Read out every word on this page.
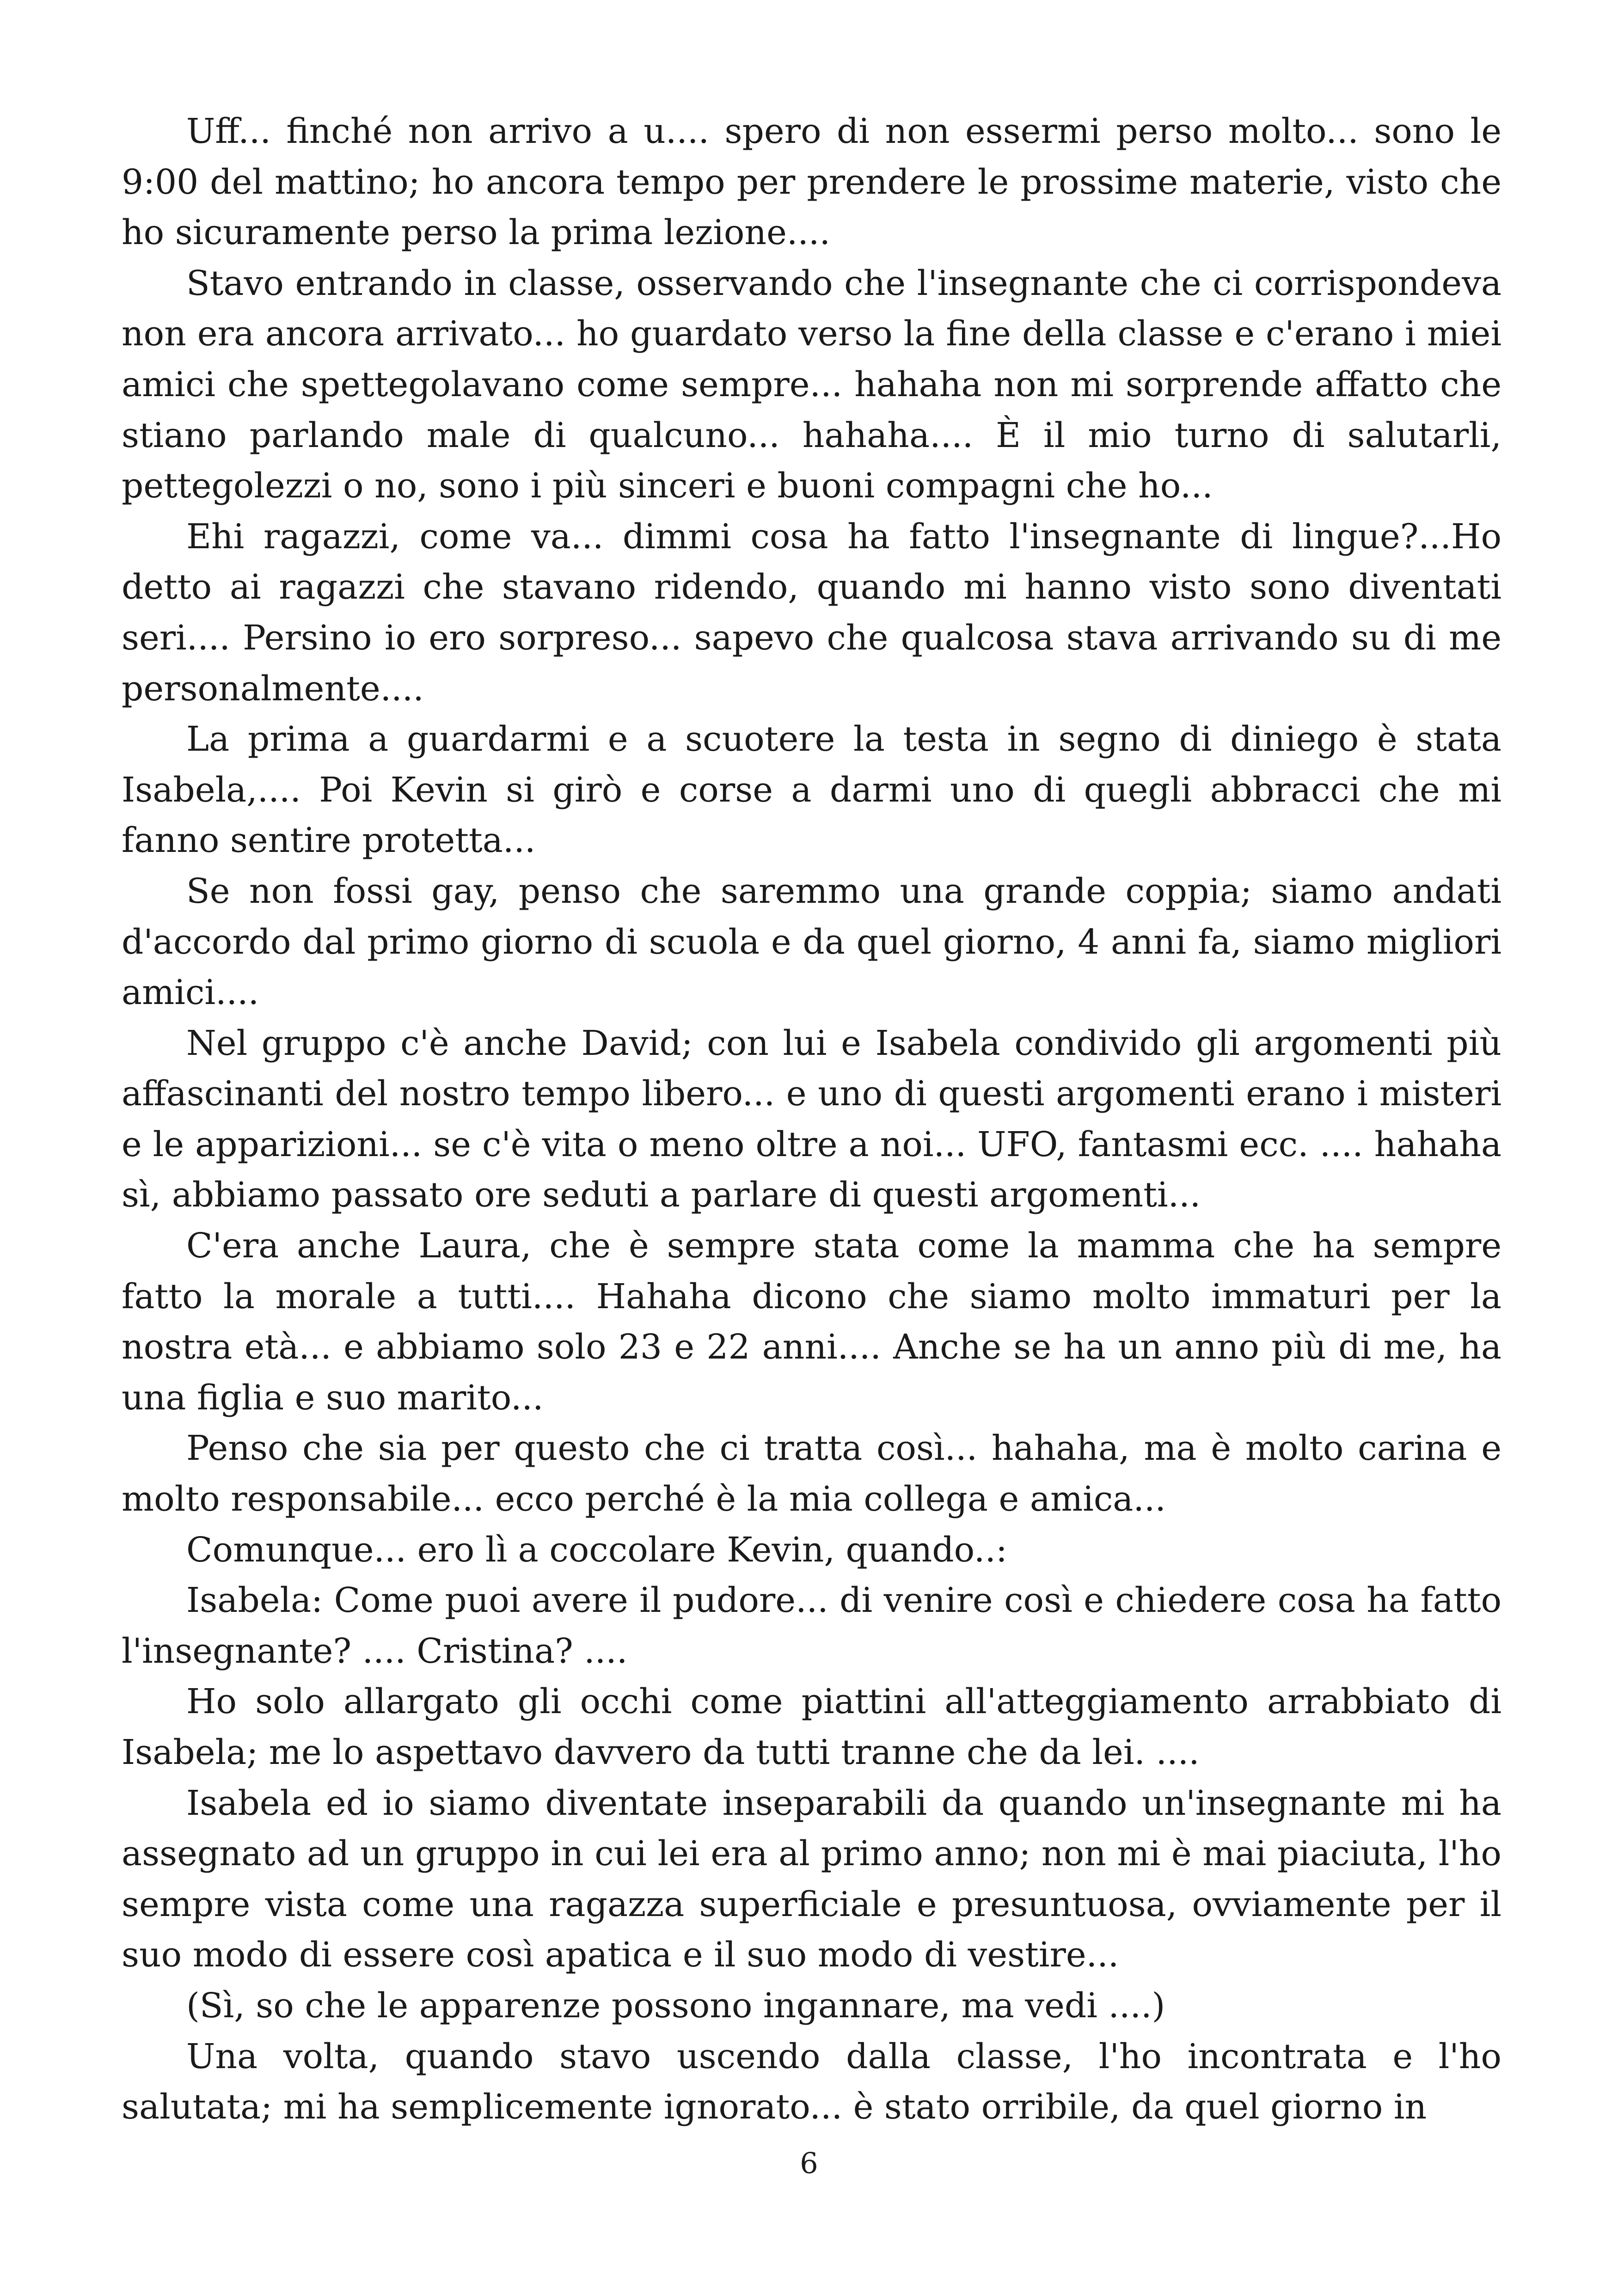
Uff... finché non arrivo a u.... spero di non essermi perso molto... sono le 9:00 del mattino; ho ancora tempo per prendere le prossime materie, visto che ho sicuramente perso la prima lezione....

Stavo entrando in classe, osservando che l'insegnante che ci corrispondeva non era ancora arrivato... ho guardato verso la fine della classe e c'erano i miei amici che spettegolavano come sempre... hahaha non mi sorprende affatto che stiano parlando male di qualcuno... hahaha.... È il mio turno di salutarli, pettegolezzi o no, sono i più sinceri e buoni compagni che ho...

Ehi ragazzi, come va... dimmi cosa ha fatto l'insegnante di lingue?...Ho detto ai ragazzi che stavano ridendo, quando mi hanno visto sono diventati seri.... Persino io ero sorpreso... sapevo che qualcosa stava arrivando su di me personalmente....

La prima a guardarmi e a scuotere la testa in segno di diniego è stata Isabela,.... Poi Kevin si girò e corse a darmi uno di quegli abbracci che mi fanno sentire protetta...

Se non fossi gay, penso che saremmo una grande coppia; siamo andati d'accordo dal primo giorno di scuola e da quel giorno, 4 anni fa, siamo migliori amici....

Nel gruppo c'è anche David; con lui e Isabela condivido gli argomenti più affascinanti del nostro tempo libero... e uno di questi argomenti erano i misteri e le apparizioni... se c'è vita o meno oltre a noi... UFO, fantasmi ecc. .... hahaha sì, abbiamo passato ore seduti a parlare di questi argomenti...

C'era anche Laura, che è sempre stata come la mamma che ha sempre fatto la morale a tutti.... Hahaha dicono che siamo molto immaturi per la nostra età... e abbiamo solo 23 e 22 anni.... Anche se ha un anno più di me, ha una figlia e suo marito...

Penso che sia per questo che ci tratta così... hahaha, ma è molto carina e molto responsabile... ecco perché è la mia collega e amica...

Comunque... ero lì a coccolare Kevin, quando..:

Isabela: Come puoi avere il pudore... di venire così e chiedere cosa ha fatto l'insegnante? .... Cristina? ....

Ho solo allargato gli occhi come piattini all'atteggiamento arrabbiato di Isabela; me lo aspettavo davvero da tutti tranne che da lei. ....

Isabela ed io siamo diventate inseparabili da quando un'insegnante mi ha assegnato ad un gruppo in cui lei era al primo anno; non mi è mai piaciuta, l'ho sempre vista come una ragazza superficiale e presuntuosa, ovviamente per il suo modo di essere così apatica e il suo modo di vestire...

(Sì, so che le apparenze possono ingannare, ma vedi ....)

Una volta, quando stavo uscendo dalla classe, l'ho incontrata e l'ho salutata; mi ha semplicemente ignorato... è stato orribile, da quel giorno in

6
